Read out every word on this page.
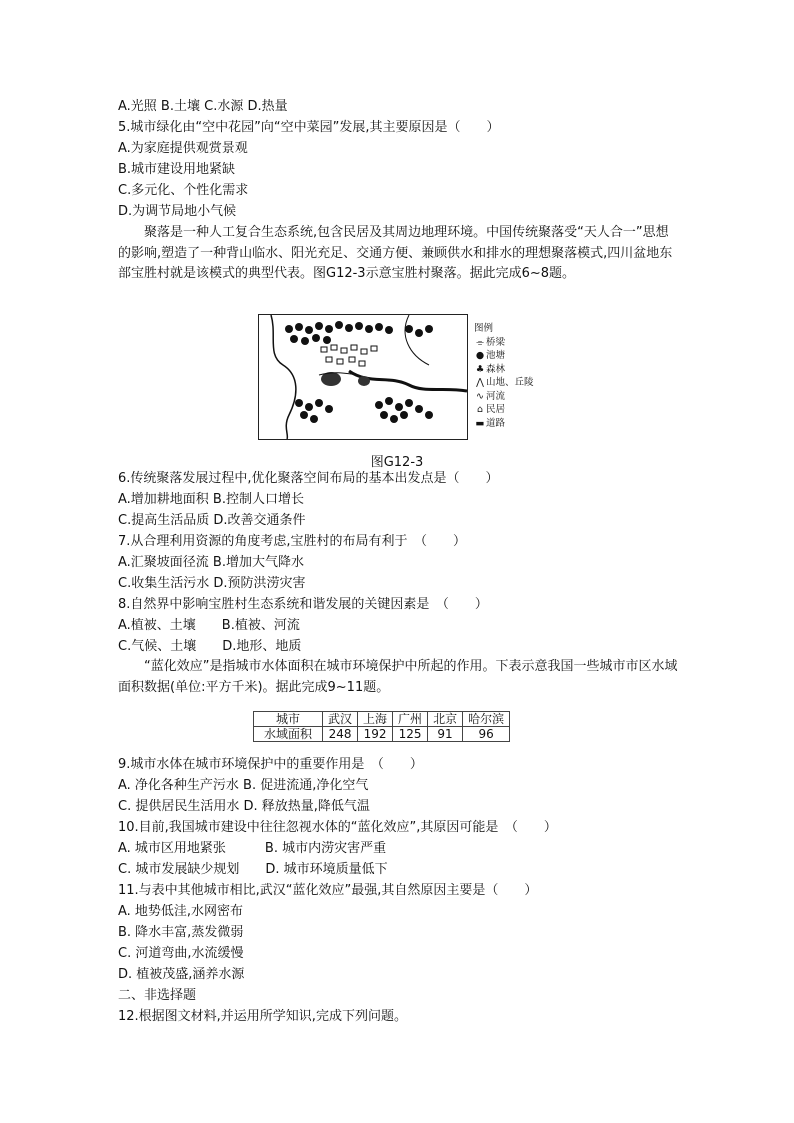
A.光照 B.土壤 C.水源 D.热量
5.城市绿化由“空中花园”向“空中菜园”发展,其主要原因是（　　）
A.为家庭提供观赏景观
B.城市建设用地紧缺
C.多元化、个性化需求
D.为调节局地小气候
聚落是一种人工复合生态系统,包含民居及其周边地理环境。中国传统聚落受“天人合一”思想的影响,塑造了一种背山临水、阳光充足、交通方便、兼顾供水和排水的理想聚落模式,四川盆地东部宝胜村就是该模式的典型代表。图G12-3示意宝胜村聚落。据此完成6~8题。
图例
⌯ 桥梁
● 池塘
♣ 森林
⋀ 山地、丘陵
∿ 河流
⌂ 民居
▬ 道路
图G12-3
6.传统聚落发展过程中,优化聚落空间布局的基本出发点是（　　）
A.增加耕地面积 B.控制人口增长
C.提高生活品质 D.改善交通条件
7.从合理利用资源的角度考虑,宝胜村的布局有利于　（　　）
A.汇聚坡面径流 B.增加大气降水
C.收集生活污水 D.预防洪涝灾害
8.自然界中影响宝胜村生态系统和谐发展的关键因素是　（　　）
A.植被、土壤　　B.植被、河流
C.气候、土壤　　D.地形、地质
“蓝化效应”是指城市水体面积在城市环境保护中所起的作用。下表示意我国一些城市市区水域面积数据(单位:平方千米)。据此完成9~11题。
城市	武汉	上海	广州	北京	哈尔滨
水域面积	248	192	125	91	96
9.城市水体在城市环境保护中的重要作用是　（　　）
A. 净化各种生产污水 B. 促进流通,净化空气
C. 提供居民生活用水 D. 释放热量,降低气温
10.目前,我国城市建设中往往忽视水体的“蓝化效应”,其原因可能是　（　　）
A. 城市区用地紧张　　　B. 城市内涝灾害严重
C. 城市发展缺少规划　　D. 城市环境质量低下
11.与表中其他城市相比,武汉“蓝化效应”最强,其自然原因主要是（　　）
A. 地势低洼,水网密布
B. 降水丰富,蒸发微弱
C. 河道弯曲,水流缓慢
D. 植被茂盛,涵养水源
二、非选择题
12.根据图文材料,并运用所学知识,完成下列问题。
